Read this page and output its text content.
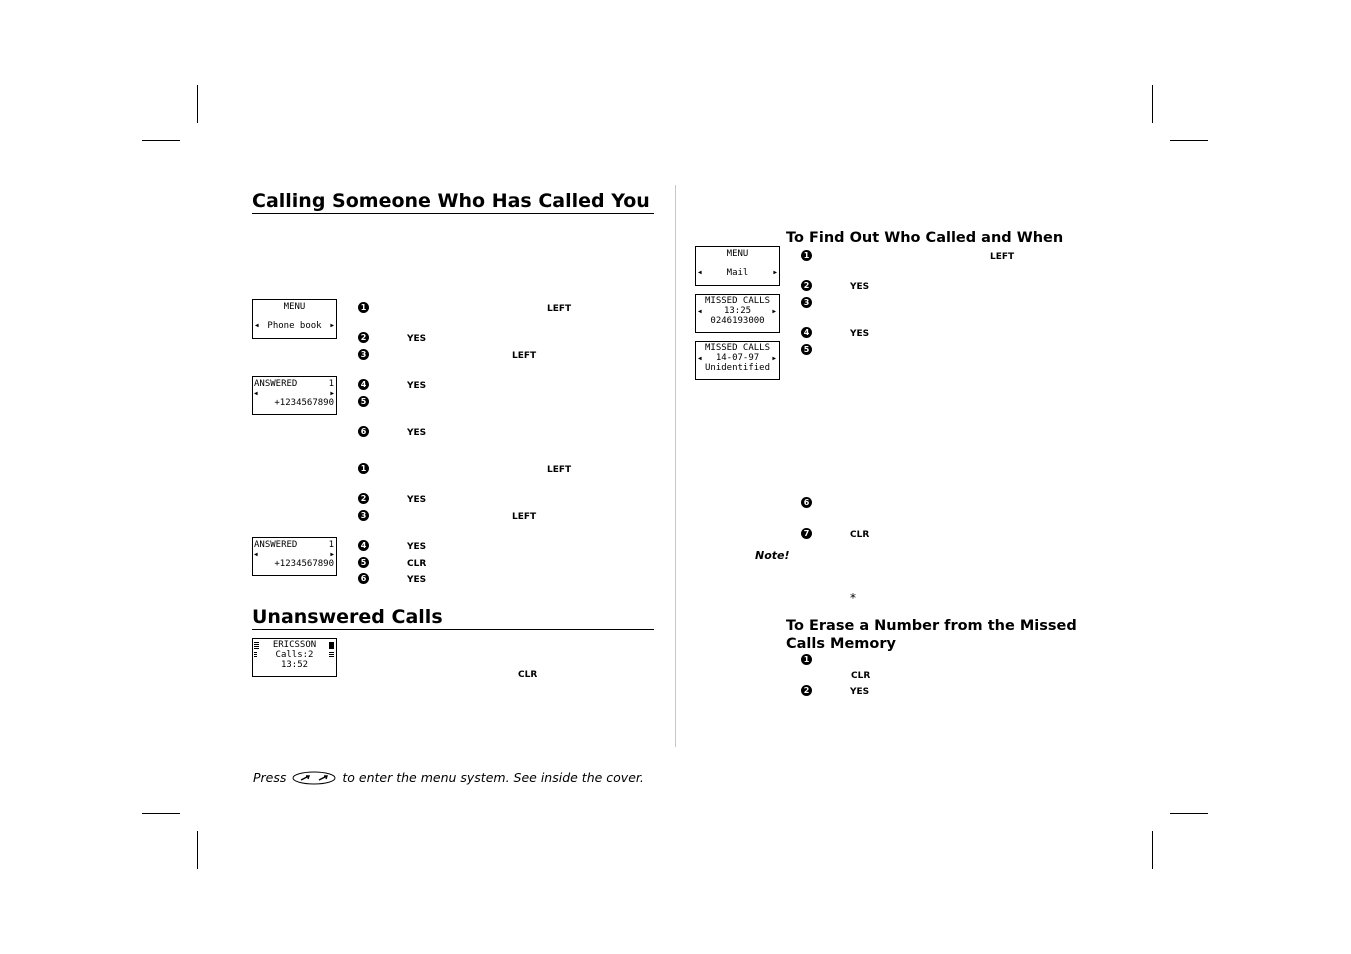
Calling Someone Who Has Called You
MENU
◀ Phone book	▶
ANSWERED	1
◀	▶
+1234567890
1	LEFT
2	YES
3	LEFT
4	YES
5
6	YES
1	LEFT
2	YES
3	LEFT
4	YES
5	CLR
6	YES
ANSWERED	1
◀	▶
+1234567890
Unanswered Calls
ERICSSON
Calls:2
13:52
CLR
To Find Out Who Called and When
MENU
◀	Mail	▶
MISSED CALLS
◀	13:25	▶
0246193000
MISSED CALLS
◀	14-07-97	▶
Unidentified
1	LEFT
2	YES
3
4	YES
5
6
7	CLR
Note!
*
To Erase a Number from the Missed
Calls Memory
1
CLR
2	YES
Press	to enter the menu system. See inside the cover.
